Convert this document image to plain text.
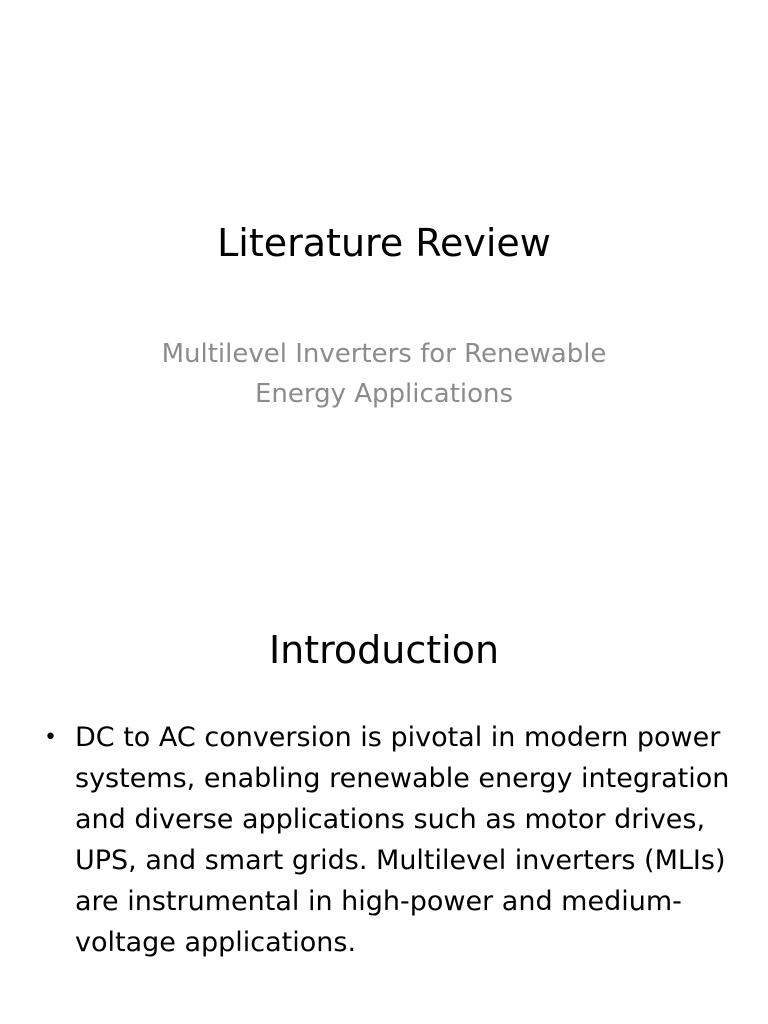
Literature Review
Multilevel Inverters for Renewable Energy Applications
Introduction
• DC to AC conversion is pivotal in modern power systems, enabling renewable energy integration and diverse applications such as motor drives, UPS, and smart grids. Multilevel inverters (MLIs) are instrumental in high-power and medium-voltage applications.
